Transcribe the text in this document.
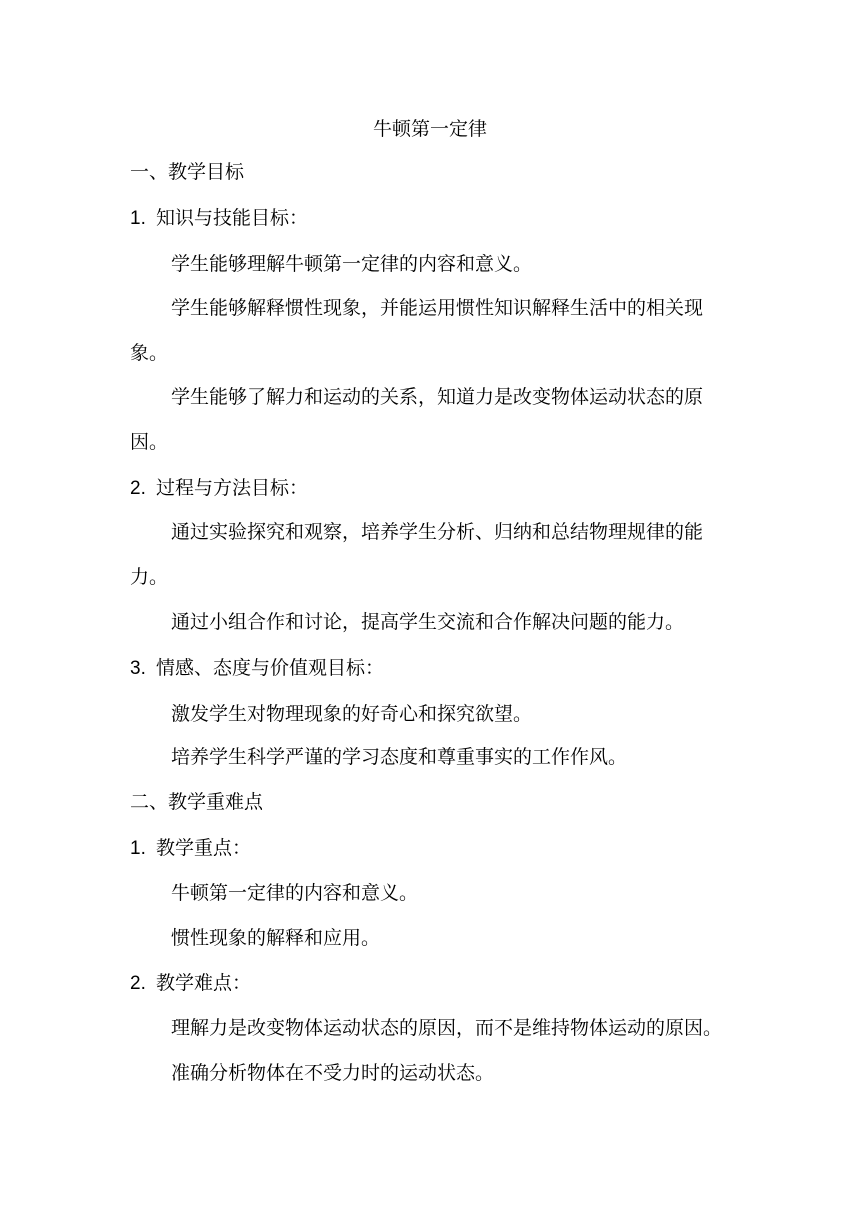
牛顿第一定律
一、教学目标
1. 知识与技能目标：
学生能够理解牛顿第一定律的内容和意义。
学生能够解释惯性现象，并能运用惯性知识解释生活中的相关现
象。
学生能够了解力和运动的关系，知道力是改变物体运动状态的原
因。
2. 过程与方法目标：
通过实验探究和观察，培养学生分析、归纳和总结物理规律的能
力。
通过小组合作和讨论，提高学生交流和合作解决问题的能力。
3. 情感、态度与价值观目标：
激发学生对物理现象的好奇心和探究欲望。
培养学生科学严谨的学习态度和尊重事实的工作作风。
二、教学重难点
1. 教学重点：
牛顿第一定律的内容和意义。
惯性现象的解释和应用。
2. 教学难点：
理解力是改变物体运动状态的原因，而不是维持物体运动的原因。
准确分析物体在不受力时的运动状态。
